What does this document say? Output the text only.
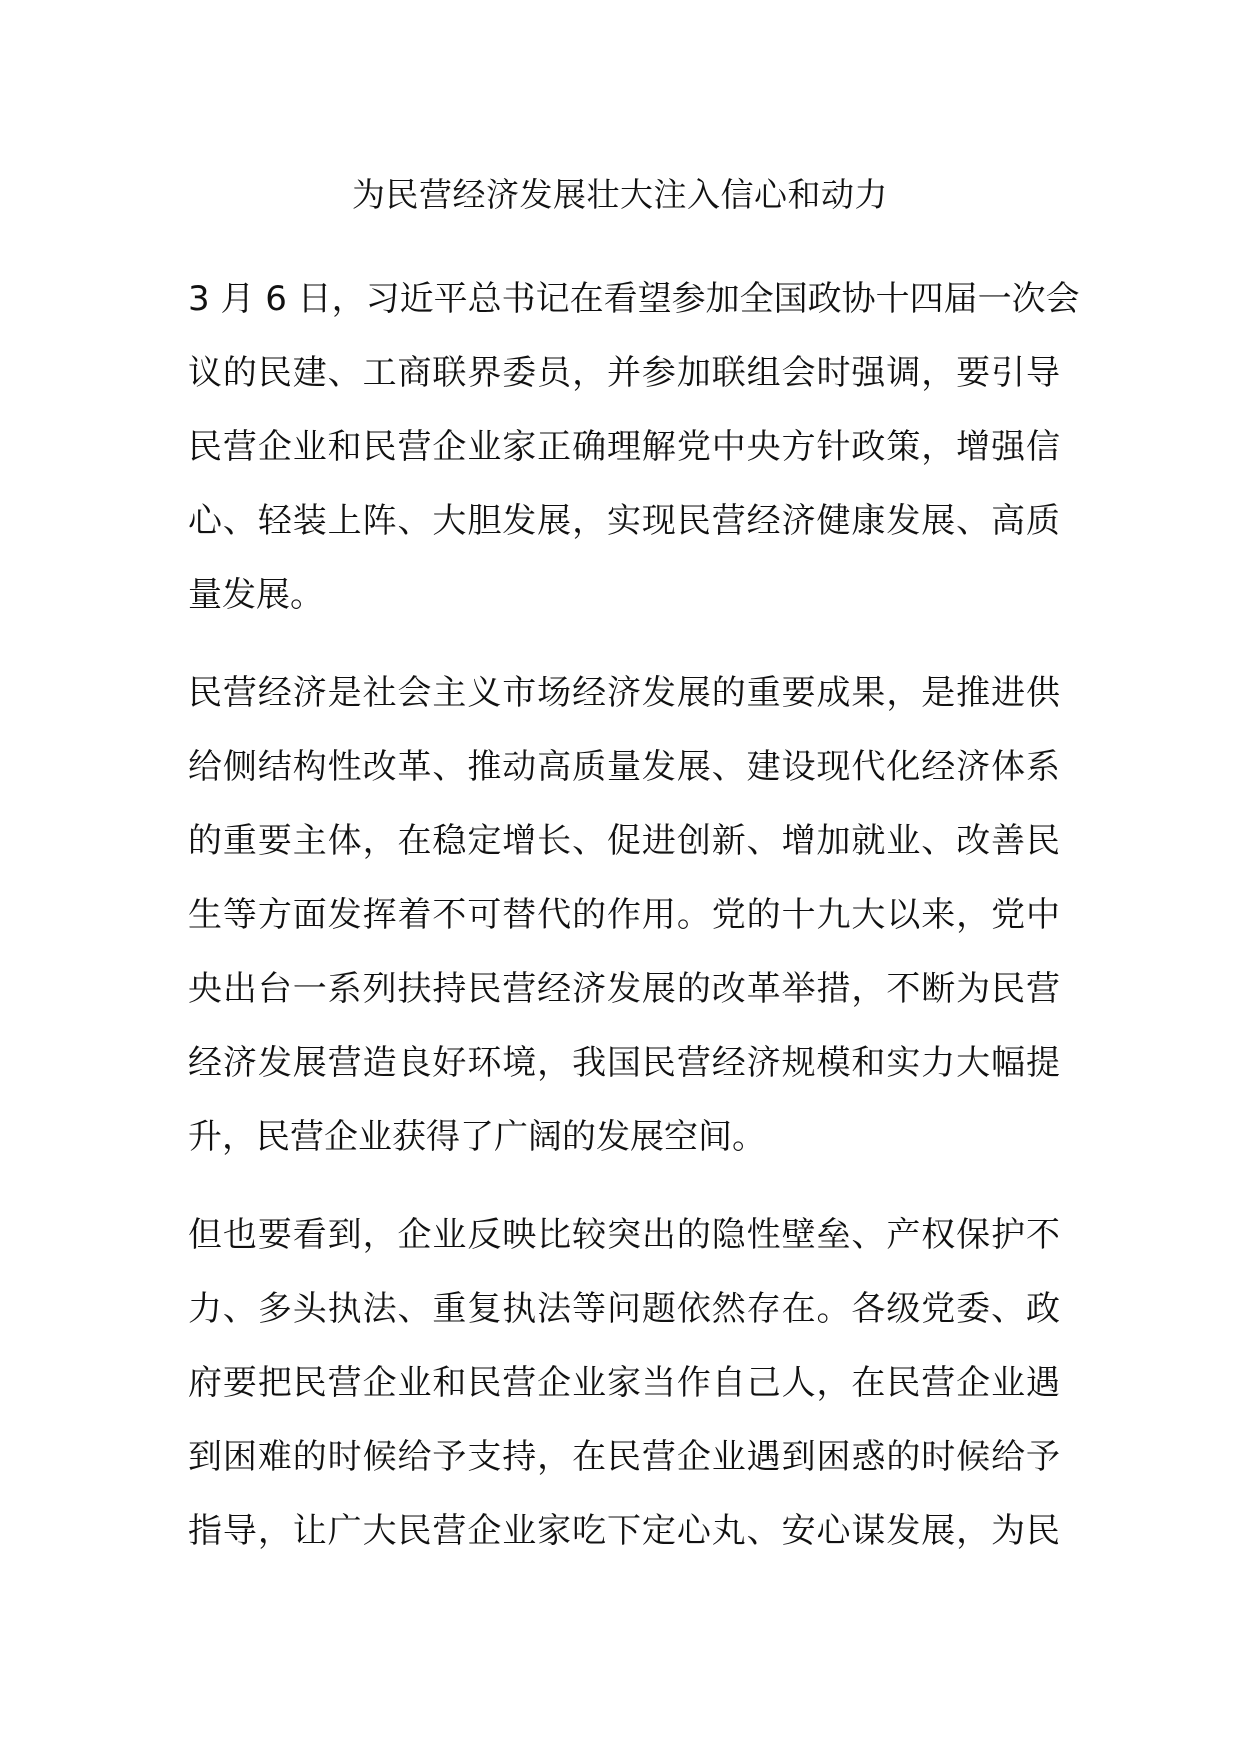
为民营经济发展壮大注入信心和动力

3 月 6 日，习近平总书记在看望参加全国政协十四届一次会
议的民建、工商联界委员，并参加联组会时强调，要引导
民营企业和民营企业家正确理解党中央方针政策，增强信
心、轻装上阵、大胆发展，实现民营经济健康发展、高质
量发展。

民营经济是社会主义市场经济发展的重要成果，是推进供
给侧结构性改革、推动高质量发展、建设现代化经济体系
的重要主体，在稳定增长、促进创新、增加就业、改善民
生等方面发挥着不可替代的作用。党的十九大以来，党中
央出台一系列扶持民营经济发展的改革举措，不断为民营
经济发展营造良好环境，我国民营经济规模和实力大幅提
升，民营企业获得了广阔的发展空间。

但也要看到，企业反映比较突出的隐性壁垒、产权保护不
力、多头执法、重复执法等问题依然存在。各级党委、政
府要把民营企业和民营企业家当作自己人，在民营企业遇
到困难的时候给予支持，在民营企业遇到困惑的时候给予
指导，让广大民营企业家吃下定心丸、安心谋发展，为民
